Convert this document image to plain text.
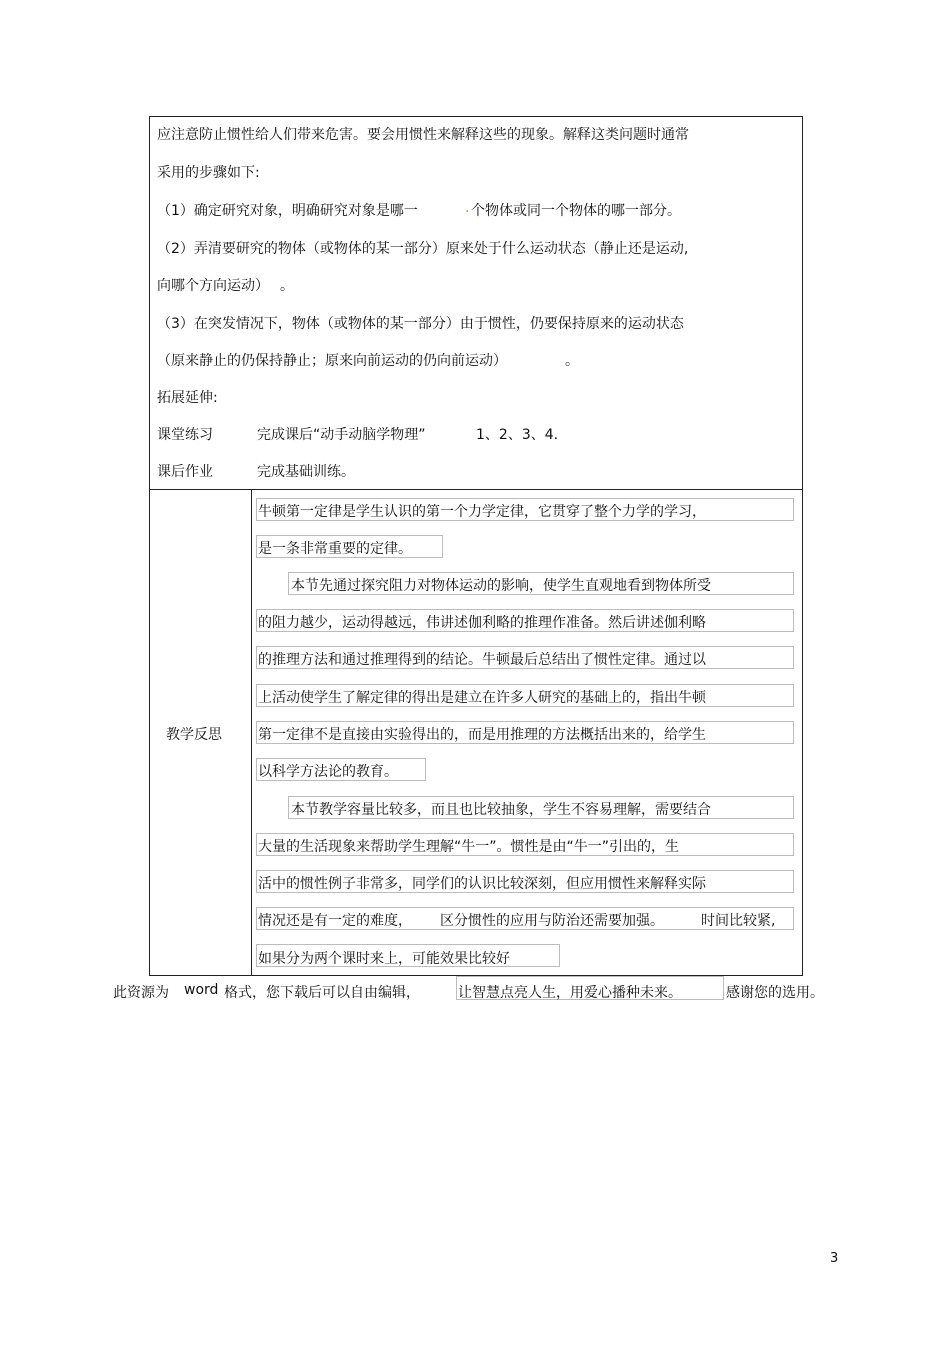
应注意防止惯性给人们带来危害。要会用惯性来解释这些的现象。解释这类问题时通常
采用的步骤如下:
（1）确定研究对象，明确研究对象是哪一	. 个物体或同一个物体的哪一部分。
（2）弄清要研究的物体（或物体的某一部分）原来处于什么运动状态（静止还是运动,
向哪个方向运动） 。
（3）在突发情况下，物体（或物体的某一部分）由于惯性，仍要保持原来的运动状态
（原来静止的仍保持静止；原来向前运动的仍向前运动）	。
拓展延伸:
课堂练习	完成课后“动手动脑学物理”	1、2、3、4.
课后作业	完成基础训练。
教学反思
牛顿第一定律是学生认识的第一个力学定律，它贯穿了整个力学的学习，
是一条非常重要的定律。
本节先通过探究阻力对物体运动的影响，使学生直观地看到物体所受
的阻力越少，运动得越远，伟讲述伽利略的推理作准备。然后讲述伽利略
的推理方法和通过推理得到的结论。牛顿最后总结出了惯性定律。通过以
上活动使学生了解定律的得出是建立在许多人研究的基础上的，指出牛顿
第一定律不是直接由实验得出的，而是用推理的方法概括出来的，给学生
以科学方法论的教育。
本节教学容量比较多，而且也比较抽象，学生不容易理解，需要结合
大量的生活现象来帮助学生理解“牛一”。惯性是由“牛一”引出的，生
活中的惯性例子非常多，同学们的认识比较深刻，但应用惯性来解释实际
情况还是有一定的难度， 区分惯性的应用与防治还需要加强。	时间比较紧,
如果分为两个课时来上，可能效果比较好
此资源为 word 格式，您下载后可以自由编辑，	让智慧点亮人生，用爱心播种未来。	感谢您的选用。
3
